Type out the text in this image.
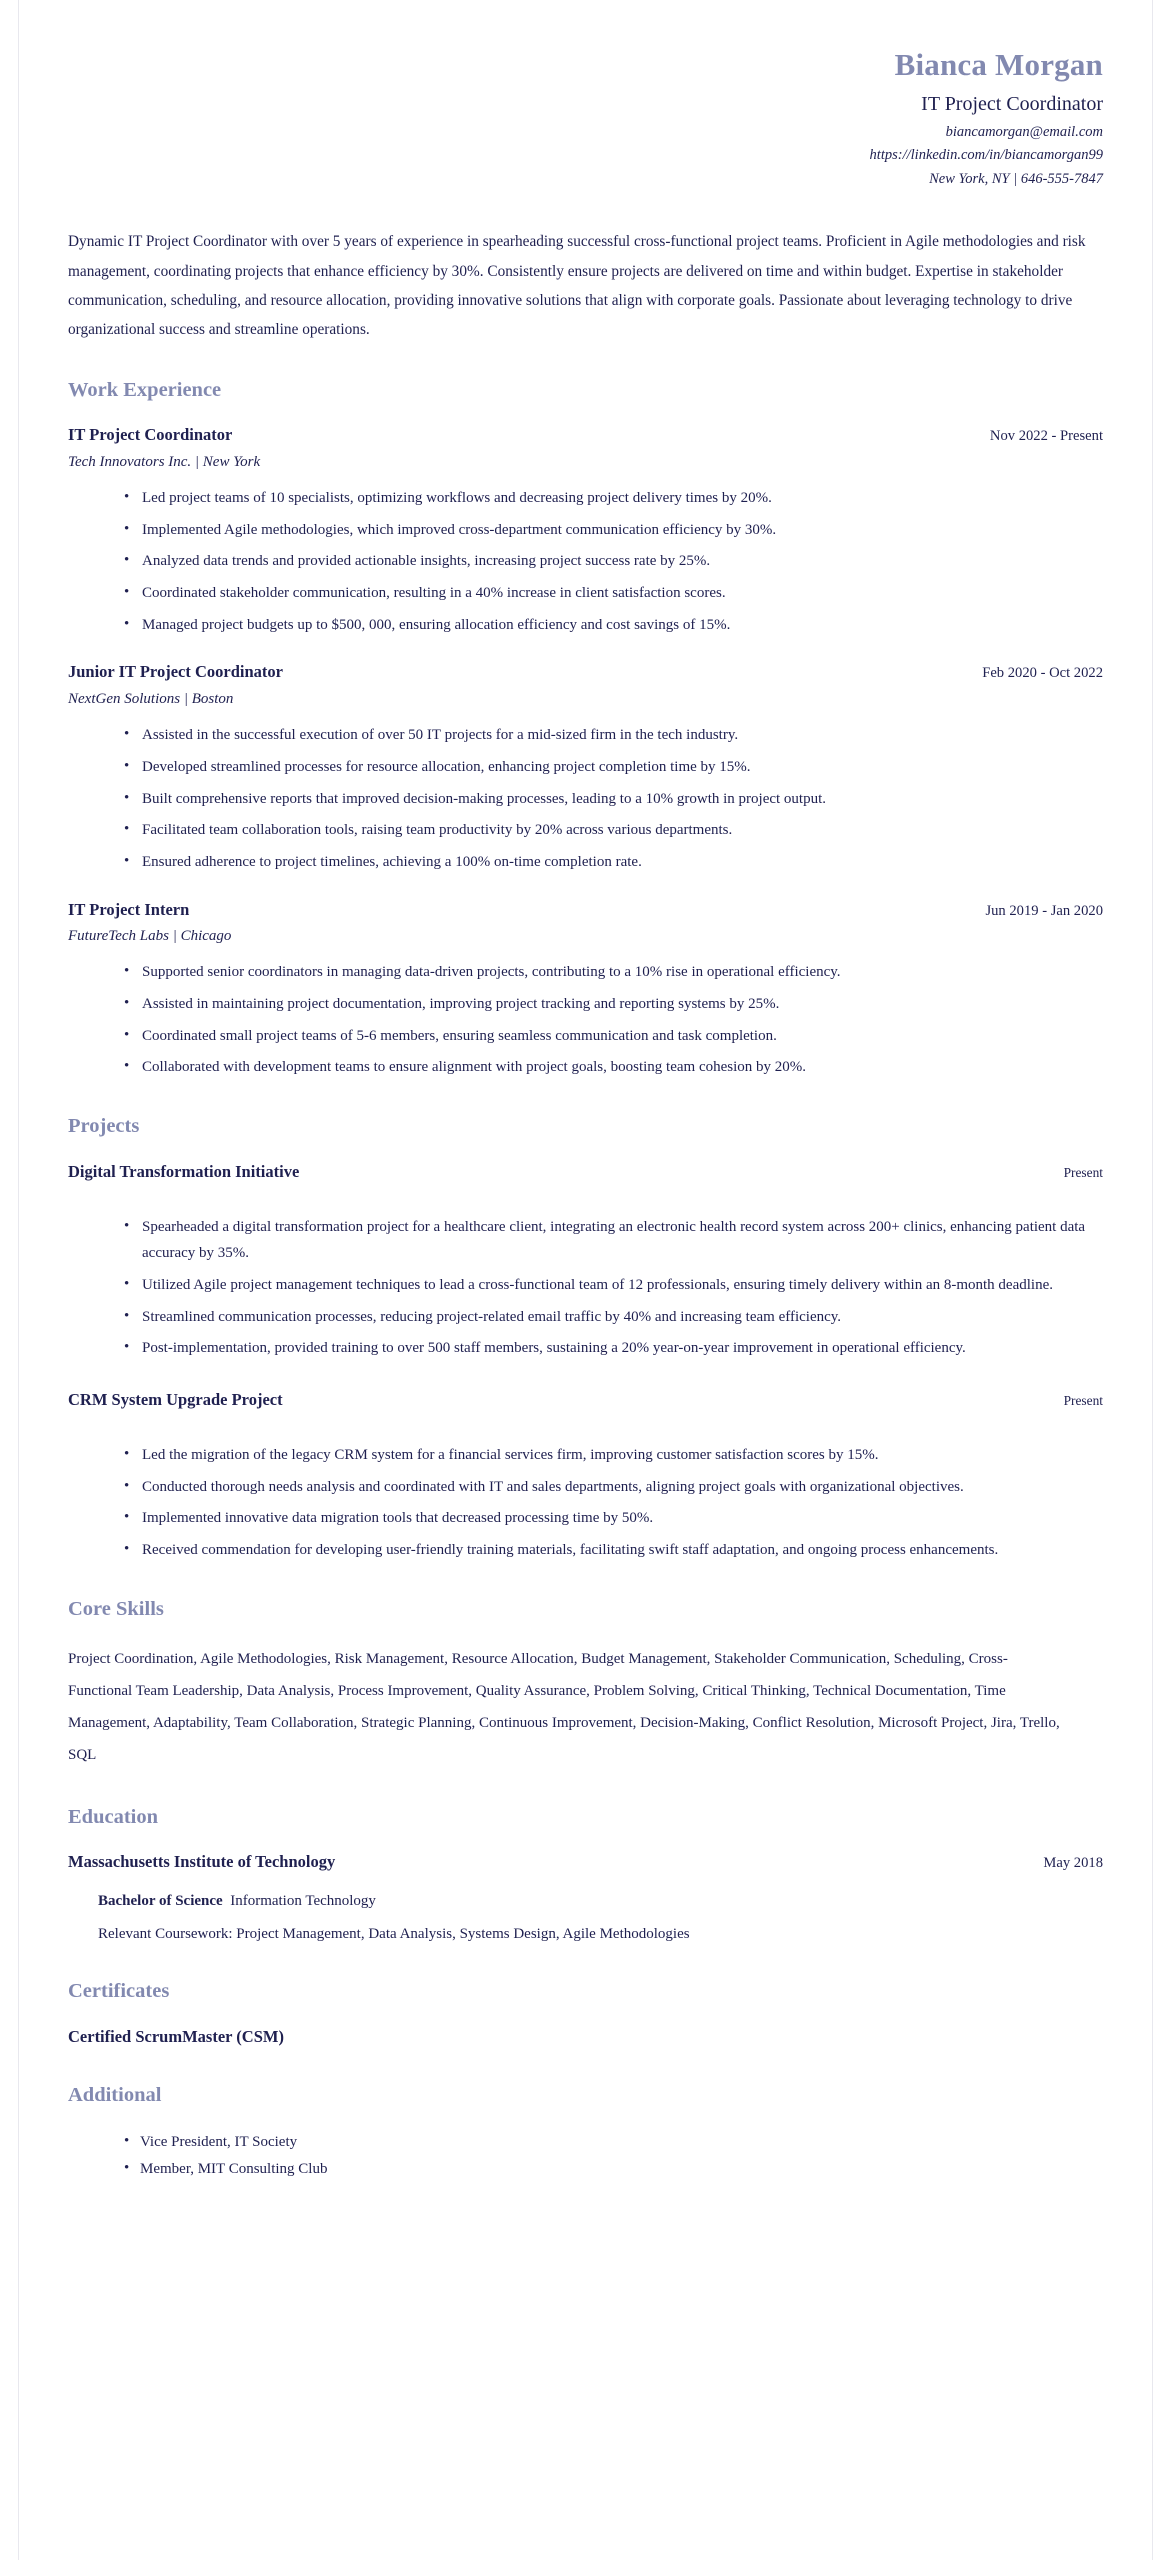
Bianca Morgan
IT Project Coordinator
biancamorgan@email.com
https://linkedin.com/in/biancamorgan99
New York, NY | 646-555-7847
Dynamic IT Project Coordinator with over 5 years of experience in spearheading successful cross-functional project teams. Proficient in Agile methodologies and risk management, coordinating projects that enhance efficiency by 30%. Consistently ensure projects are delivered on time and within budget. Expertise in stakeholder communication, scheduling, and resource allocation, providing innovative solutions that align with corporate goals. Passionate about leveraging technology to drive organizational success and streamline operations.
Work Experience
IT Project Coordinator	Nov 2022 - Present
Tech Innovators Inc. | New York
• Led project teams of 10 specialists, optimizing workflows and decreasing project delivery times by 20%.
• Implemented Agile methodologies, which improved cross-department communication efficiency by 30%.
• Analyzed data trends and provided actionable insights, increasing project success rate by 25%.
• Coordinated stakeholder communication, resulting in a 40% increase in client satisfaction scores.
• Managed project budgets up to $500, 000, ensuring allocation efficiency and cost savings of 15%.
Junior IT Project Coordinator	Feb 2020 - Oct 2022
NextGen Solutions | Boston
• Assisted in the successful execution of over 50 IT projects for a mid-sized firm in the tech industry.
• Developed streamlined processes for resource allocation, enhancing project completion time by 15%.
• Built comprehensive reports that improved decision-making processes, leading to a 10% growth in project output.
• Facilitated team collaboration tools, raising team productivity by 20% across various departments.
• Ensured adherence to project timelines, achieving a 100% on-time completion rate.
IT Project Intern	Jun 2019 - Jan 2020
FutureTech Labs | Chicago
• Supported senior coordinators in managing data-driven projects, contributing to a 10% rise in operational efficiency.
• Assisted in maintaining project documentation, improving project tracking and reporting systems by 25%.
• Coordinated small project teams of 5-6 members, ensuring seamless communication and task completion.
• Collaborated with development teams to ensure alignment with project goals, boosting team cohesion by 20%.
Projects
Digital Transformation Initiative	Present
• Spearheaded a digital transformation project for a healthcare client, integrating an electronic health record system across 200+ clinics, enhancing patient data accuracy by 35%.
• Utilized Agile project management techniques to lead a cross-functional team of 12 professionals, ensuring timely delivery within an 8-month deadline.
• Streamlined communication processes, reducing project-related email traffic by 40% and increasing team efficiency.
• Post-implementation, provided training to over 500 staff members, sustaining a 20% year-on-year improvement in operational efficiency.
CRM System Upgrade Project	Present
• Led the migration of the legacy CRM system for a financial services firm, improving customer satisfaction scores by 15%.
• Conducted thorough needs analysis and coordinated with IT and sales departments, aligning project goals with organizational objectives.
• Implemented innovative data migration tools that decreased processing time by 50%.
• Received commendation for developing user-friendly training materials, facilitating swift staff adaptation, and ongoing process enhancements.
Core Skills
Project Coordination, Agile Methodologies, Risk Management, Resource Allocation, Budget Management, Stakeholder Communication, Scheduling, Cross-Functional Team Leadership, Data Analysis, Process Improvement, Quality Assurance, Problem Solving, Critical Thinking, Technical Documentation, Time Management, Adaptability, Team Collaboration, Strategic Planning, Continuous Improvement, Decision-Making, Conflict Resolution, Microsoft Project, Jira, Trello, SQL
Education
Massachusetts Institute of Technology	May 2018
Bachelor of Science Information Technology
Relevant Coursework: Project Management, Data Analysis, Systems Design, Agile Methodologies
Certificates
Certified ScrumMaster (CSM)
Additional
• Vice President, IT Society
• Member, MIT Consulting Club
